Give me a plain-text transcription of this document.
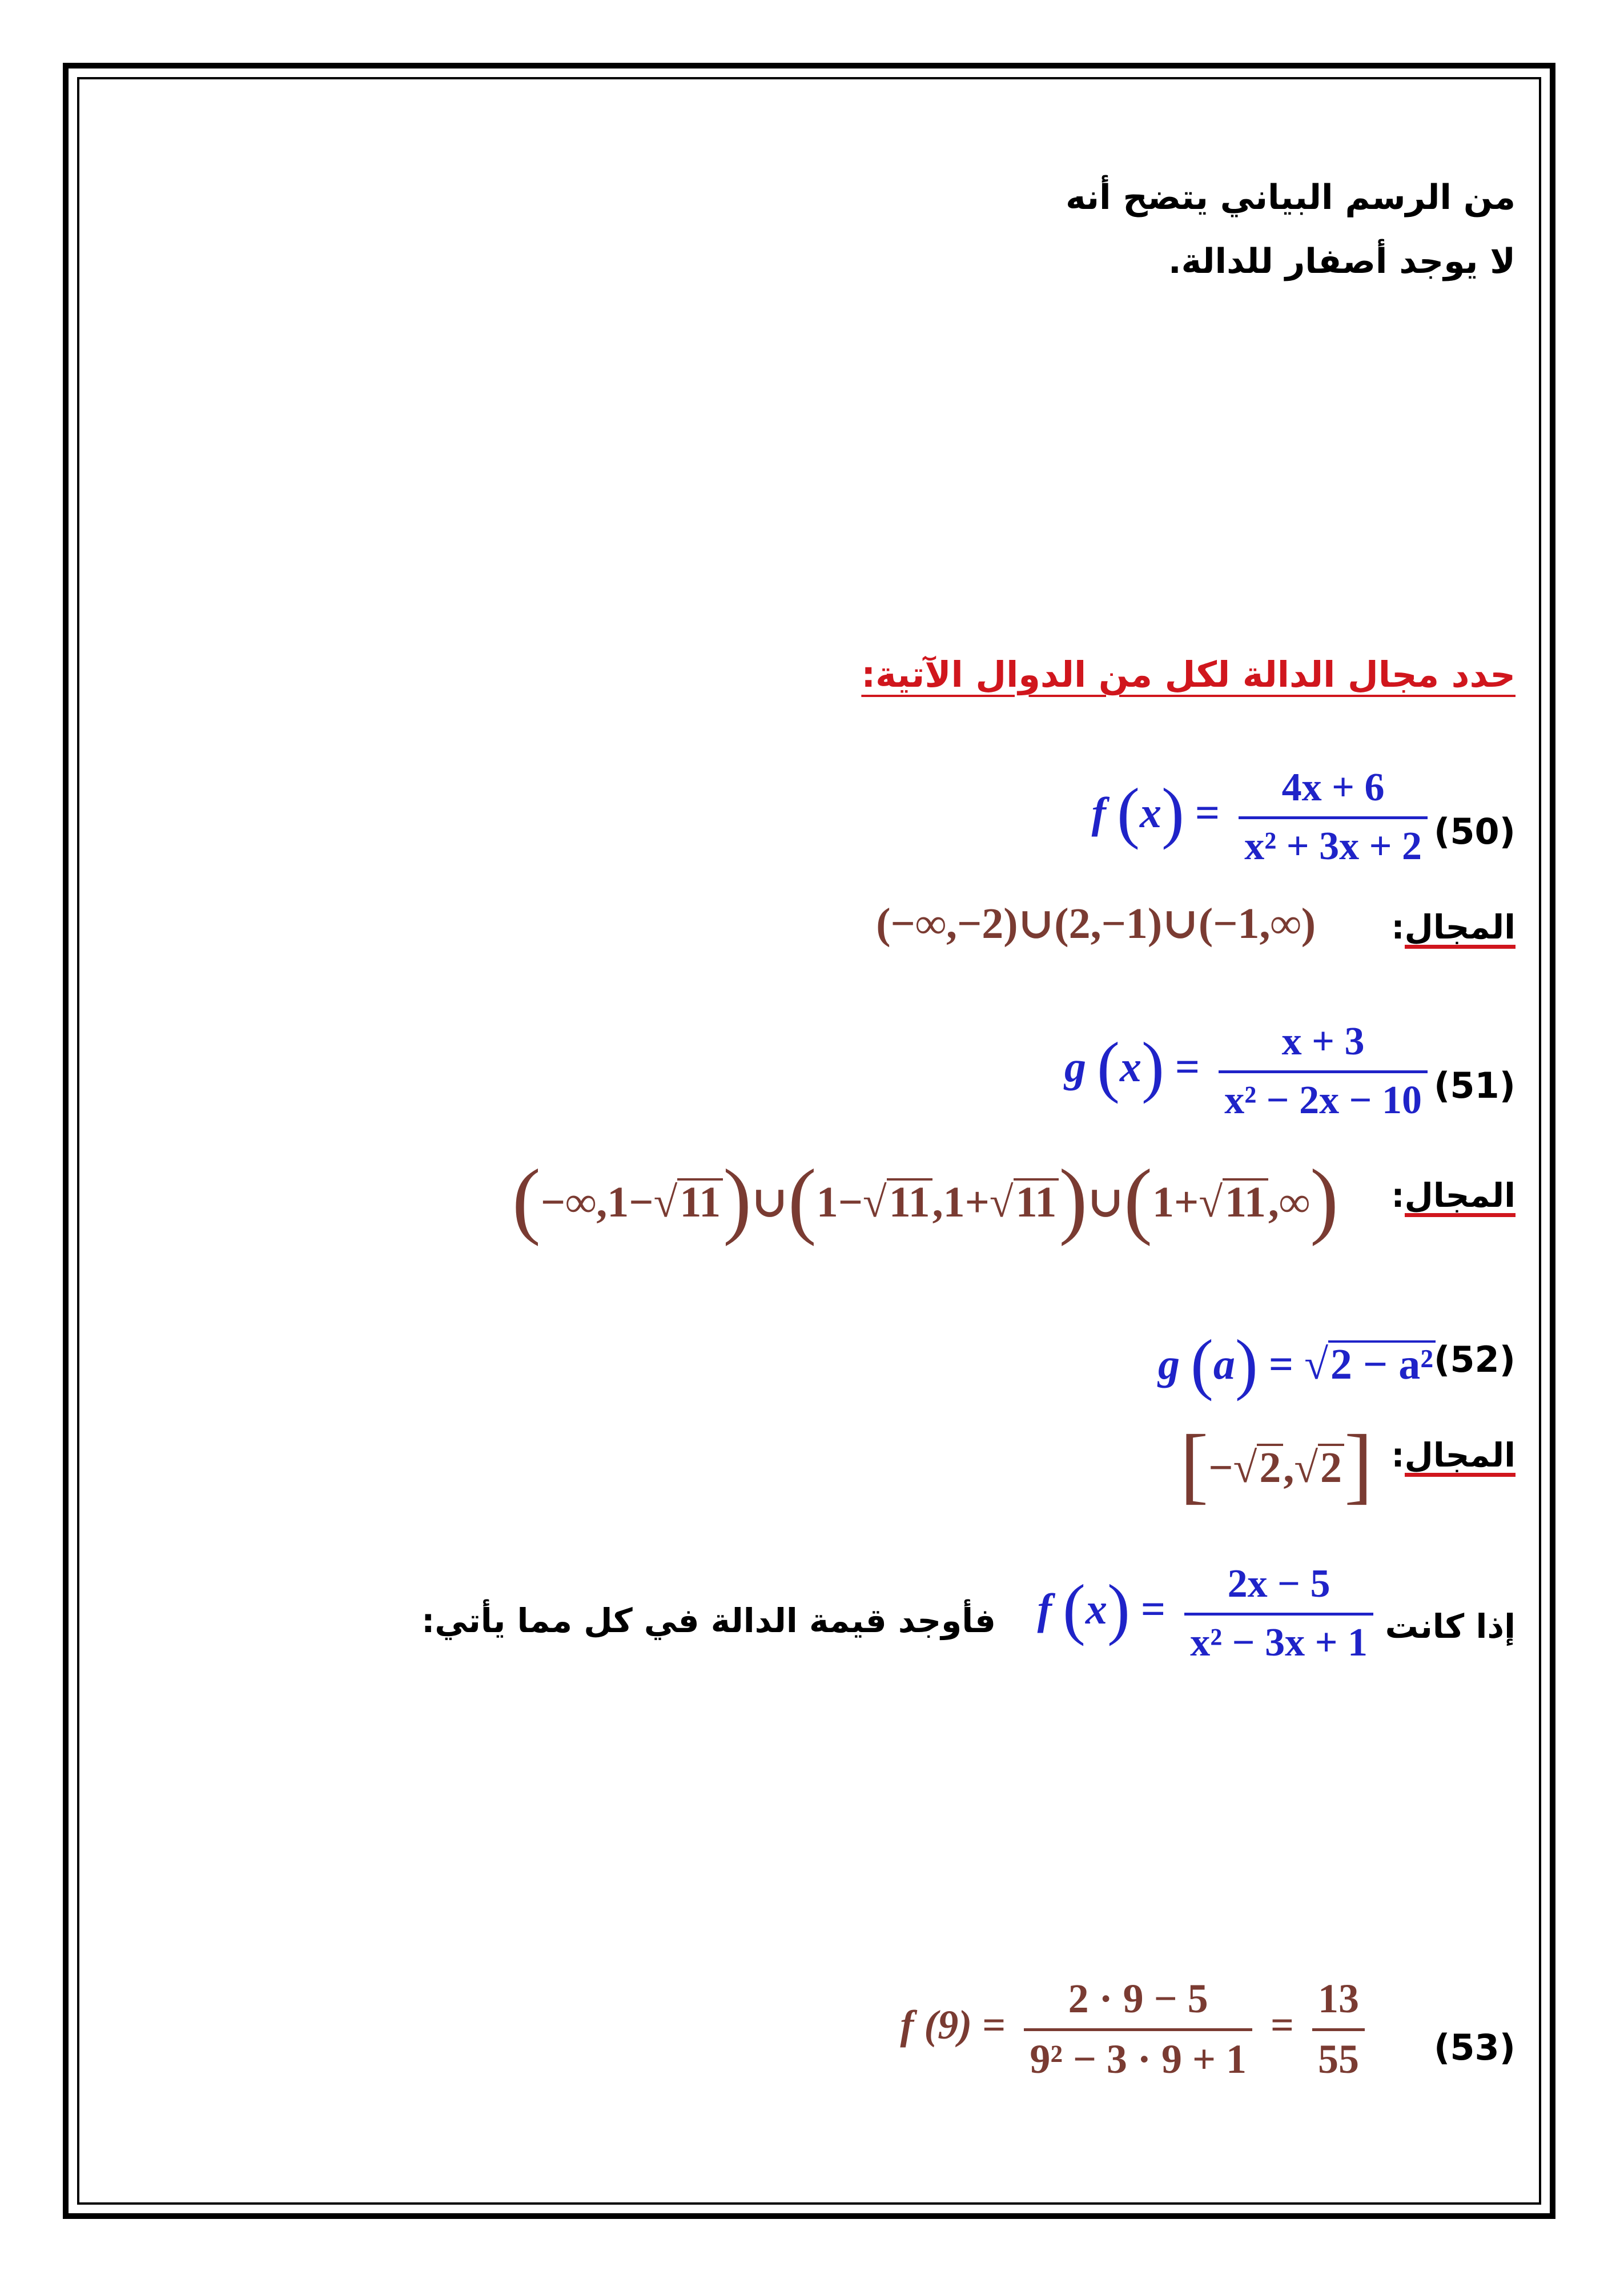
من الرسم البياني يتضح أنه
لا يوجد أصفار للدالة.
حدد مجال الدالة لكل من الدوال الآتية:
(50)
f $(x) = \frac{4x + 6}{\text{x² + 3x + 2}}$
المجال:
(−∞,−2)∪(2,−1)∪(−1,∞)
(51)
g $(x) = \frac{x + 3}{\text{x² − 2x − 10}}$
المجال:
(−∞,1−√11)∪(1−√11,1+√11)∪(1+√11,∞)
(52)
g (a) = √2 − a²
المجال:
[−√2,√2]
إذا كانت
f $(x) = \frac{2x - 5}{\text{x² − 3x + 1}}$
فأوجد قيمة الدالة في كل مما يأتي:
(53)
f $(9) = \frac{2 \cdot 9 - 5}{\text{9² − 3 · 9 + 1}} = \frac{13}{55}$
